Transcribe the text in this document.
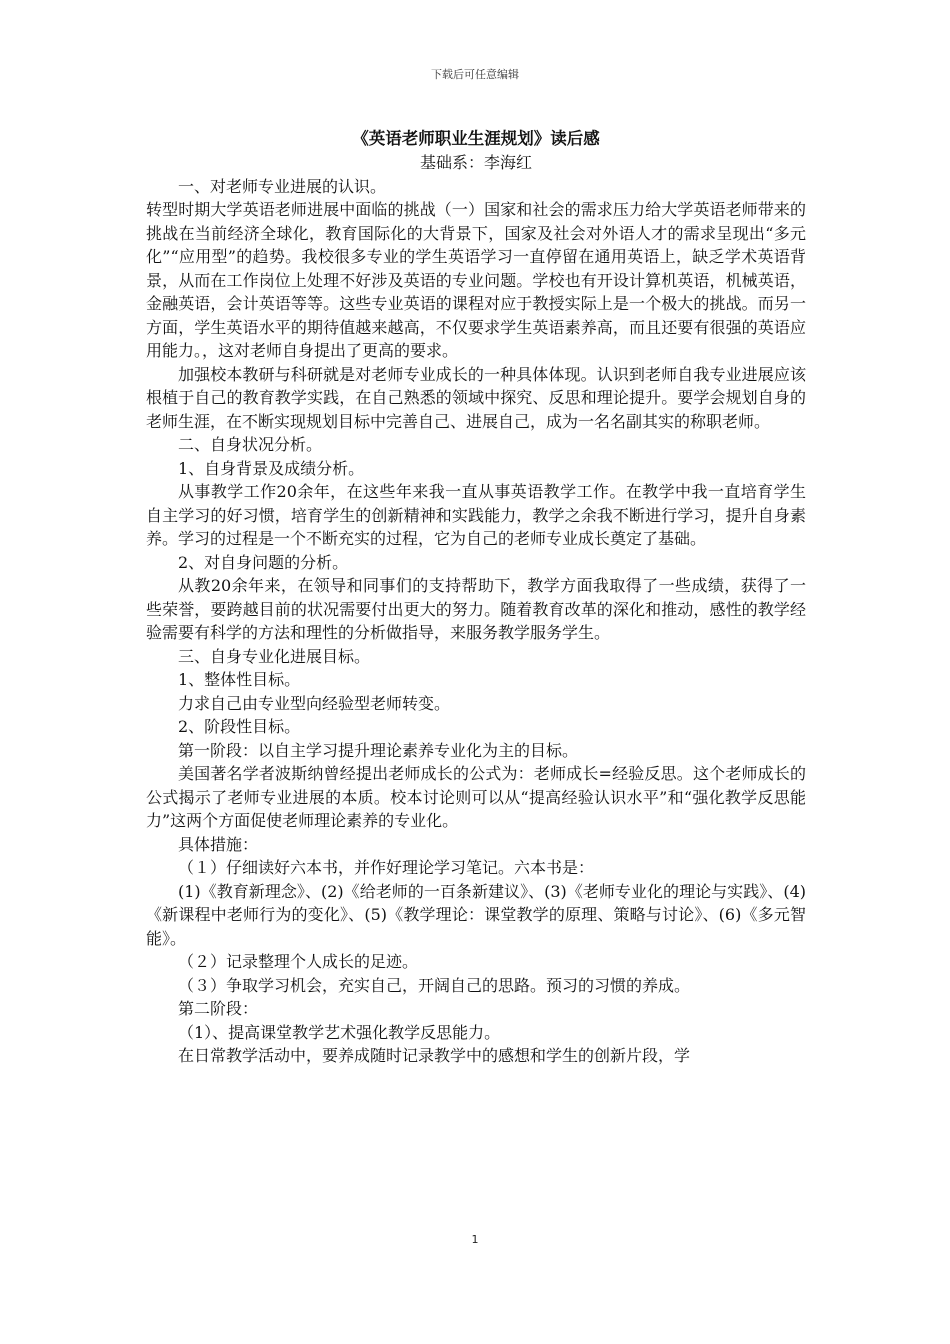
下载后可任意编辑
《英语老师职业生涯规划》读后感

基础系：李海红

一、对老师专业进展的认识。

转型时期大学英语老师进展中面临的挑战（一）国家和社会的需求压力给大学英语老师带来的挑战在当前经济全球化，教育国际化的大背景下，国家及社会对外语人才的需求呈现出“多元化”“应用型”的趋势。我校很多专业的学生英语学习一直停留在通用英语上，缺乏学术英语背景，从而在工作岗位上处理不好涉及英语的专业问题。学校也有开设计算机英语，机械英语，金融英语，会计英语等等。这些专业英语的课程对应于教授实际上是一个极大的挑战。而另一方面，学生英语水平的期待值越来越高，不仅要求学生英语素养高，而且还要有很强的英语应用能力。，这对老师自身提出了更高的要求。

加强校本教研与科研就是对老师专业成长的一种具体体现。认识到老师自我专业进展应该根植于自己的教育教学实践，在自己熟悉的领域中探究、反思和理论提升。要学会规划自身的老师生涯，在不断实现规划目标中完善自己、进展自己，成为一名名副其实的称职老师。

二、自身状况分析。

1、自身背景及成绩分析。

从事教学工作20余年，在这些年来我一直从事英语教学工作。在教学中我一直培育学生自主学习的好习惯，培育学生的创新精神和实践能力，教学之余我不断进行学习，提升自身素养。学习的过程是一个不断充实的过程，它为自己的老师专业成长奠定了基础。

2、对自身问题的分析。

从教20余年来，在领导和同事们的支持帮助下，教学方面我取得了一些成绩，获得了一些荣誉，要跨越目前的状况需要付出更大的努力。随着教育改革的深化和推动，感性的教学经验需要有科学的方法和理性的分析做指导，来服务教学服务学生。

三、自身专业化进展目标。

1、整体性目标。

力求自己由专业型向经验型老师转变。

2、阶段性目标。

第一阶段：以自主学习提升理论素养专业化为主的目标。

美国著名学者波斯纳曾经提出老师成长的公式为：老师成长=经验反思。这个老师成长的公式揭示了老师专业进展的本质。校本讨论则可以从“提高经验认识水平”和“强化教学反思能力”这两个方面促使老师理论素养的专业化。

具体措施：

（１）仔细读好六本书，并作好理论学习笔记。六本书是：

(1)《教育新理念》、(2)《给老师的一百条新建议》、(3)《老师专业化的理论与实践》、(4)《新课程中老师行为的变化》、(5)《教学理论：课堂教学的原理、策略与讨论》、(6)《多元智能》。

（２）记录整理个人成长的足迹。

（３）争取学习机会，充实自己，开阔自己的思路。预习的习惯的养成。

第二阶段：

（1）、提高课堂教学艺术强化教学反思能力。

在日常教学活动中，要养成随时记录教学中的感想和学生的创新片段，学

1
